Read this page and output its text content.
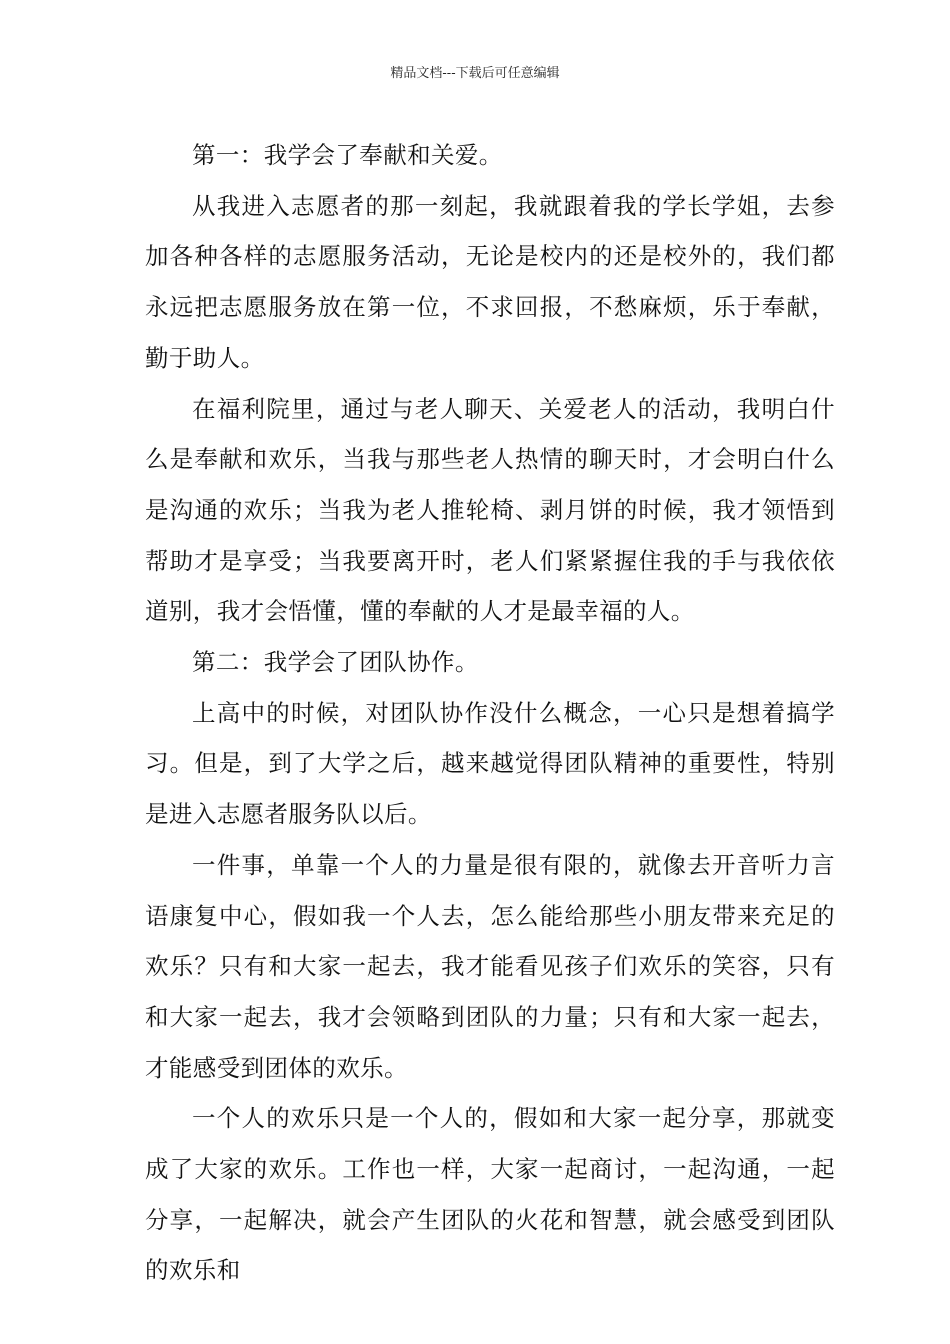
精品文档---下载后可任意编辑

第一：我学会了奉献和关爱。

从我进入志愿者的那一刻起，我就跟着我的学长学姐，去参加各种各样的志愿服务活动，无论是校内的还是校外的，我们都永远把志愿服务放在第一位，不求回报，不愁麻烦，乐于奉献，勤于助人。

在福利院里，通过与老人聊天、关爱老人的活动，我明白什么是奉献和欢乐，当我与那些老人热情的聊天时，才会明白什么是沟通的欢乐；当我为老人推轮椅、剥月饼的时候，我才领悟到帮助才是享受；当我要离开时，老人们紧紧握住我的手与我依依道别，我才会悟懂，懂的奉献的人才是最幸福的人。

第二：我学会了团队协作。

上高中的时候，对团队协作没什么概念，一心只是想着搞学习。但是，到了大学之后，越来越觉得团队精神的重要性，特别是进入志愿者服务队以后。

一件事，单靠一个人的力量是很有限的，就像去开音听力言语康复中心，假如我一个人去，怎么能给那些小朋友带来充足的欢乐？只有和大家一起去，我才能看见孩子们欢乐的笑容，只有和大家一起去，我才会领略到团队的力量；只有和大家一起去，才能感受到团体的欢乐。

一个人的欢乐只是一个人的，假如和大家一起分享，那就变成了大家的欢乐。工作也一样，大家一起商讨，一起沟通，一起分享，一起解决，就会产生团队的火花和智慧，就会感受到团队的欢乐和
